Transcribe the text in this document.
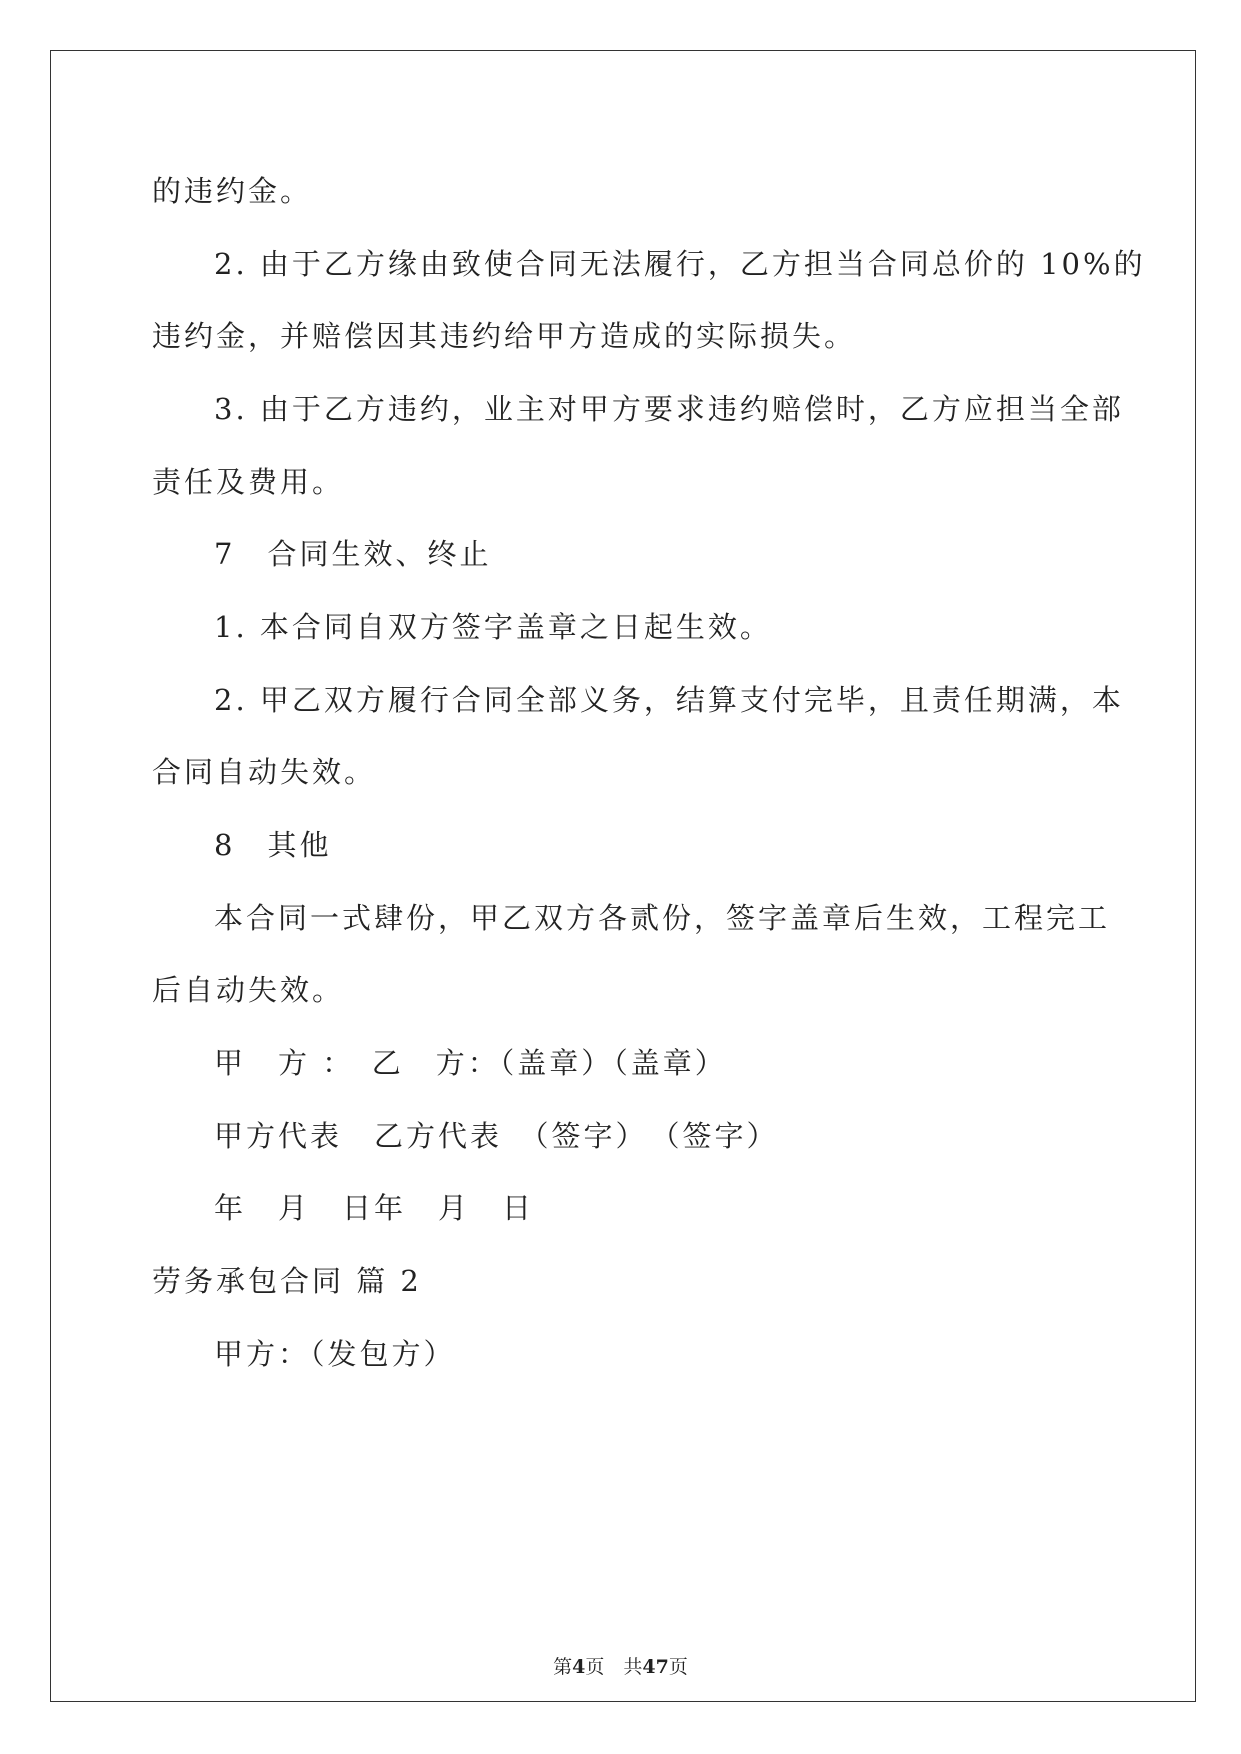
的违约金。

2. 由于乙方缘由致使合同无法履行，乙方担当合同总价的 10%的

违约金，并赔偿因其违约给甲方造成的实际损失。

3. 由于乙方违约，业主对甲方要求违约赔偿时，乙方应担当全部

责任及费用。

7　合同生效、终止

1. 本合同自双方签字盖章之日起生效。

2. 甲乙双方履行合同全部义务，结算支付完毕，且责任期满，本

合同自动失效。

8　其他

本合同一式肆份，甲乙双方各贰份，签字盖章后生效，工程完工

后自动失效。

甲　方 ：　乙　方：（盖章）（盖章）

甲方代表　乙方代表　（签字）　（签字）

年　月　日年　月　日

劳务承包合同 篇 2

甲方：（发包方）

第4页　共47页
